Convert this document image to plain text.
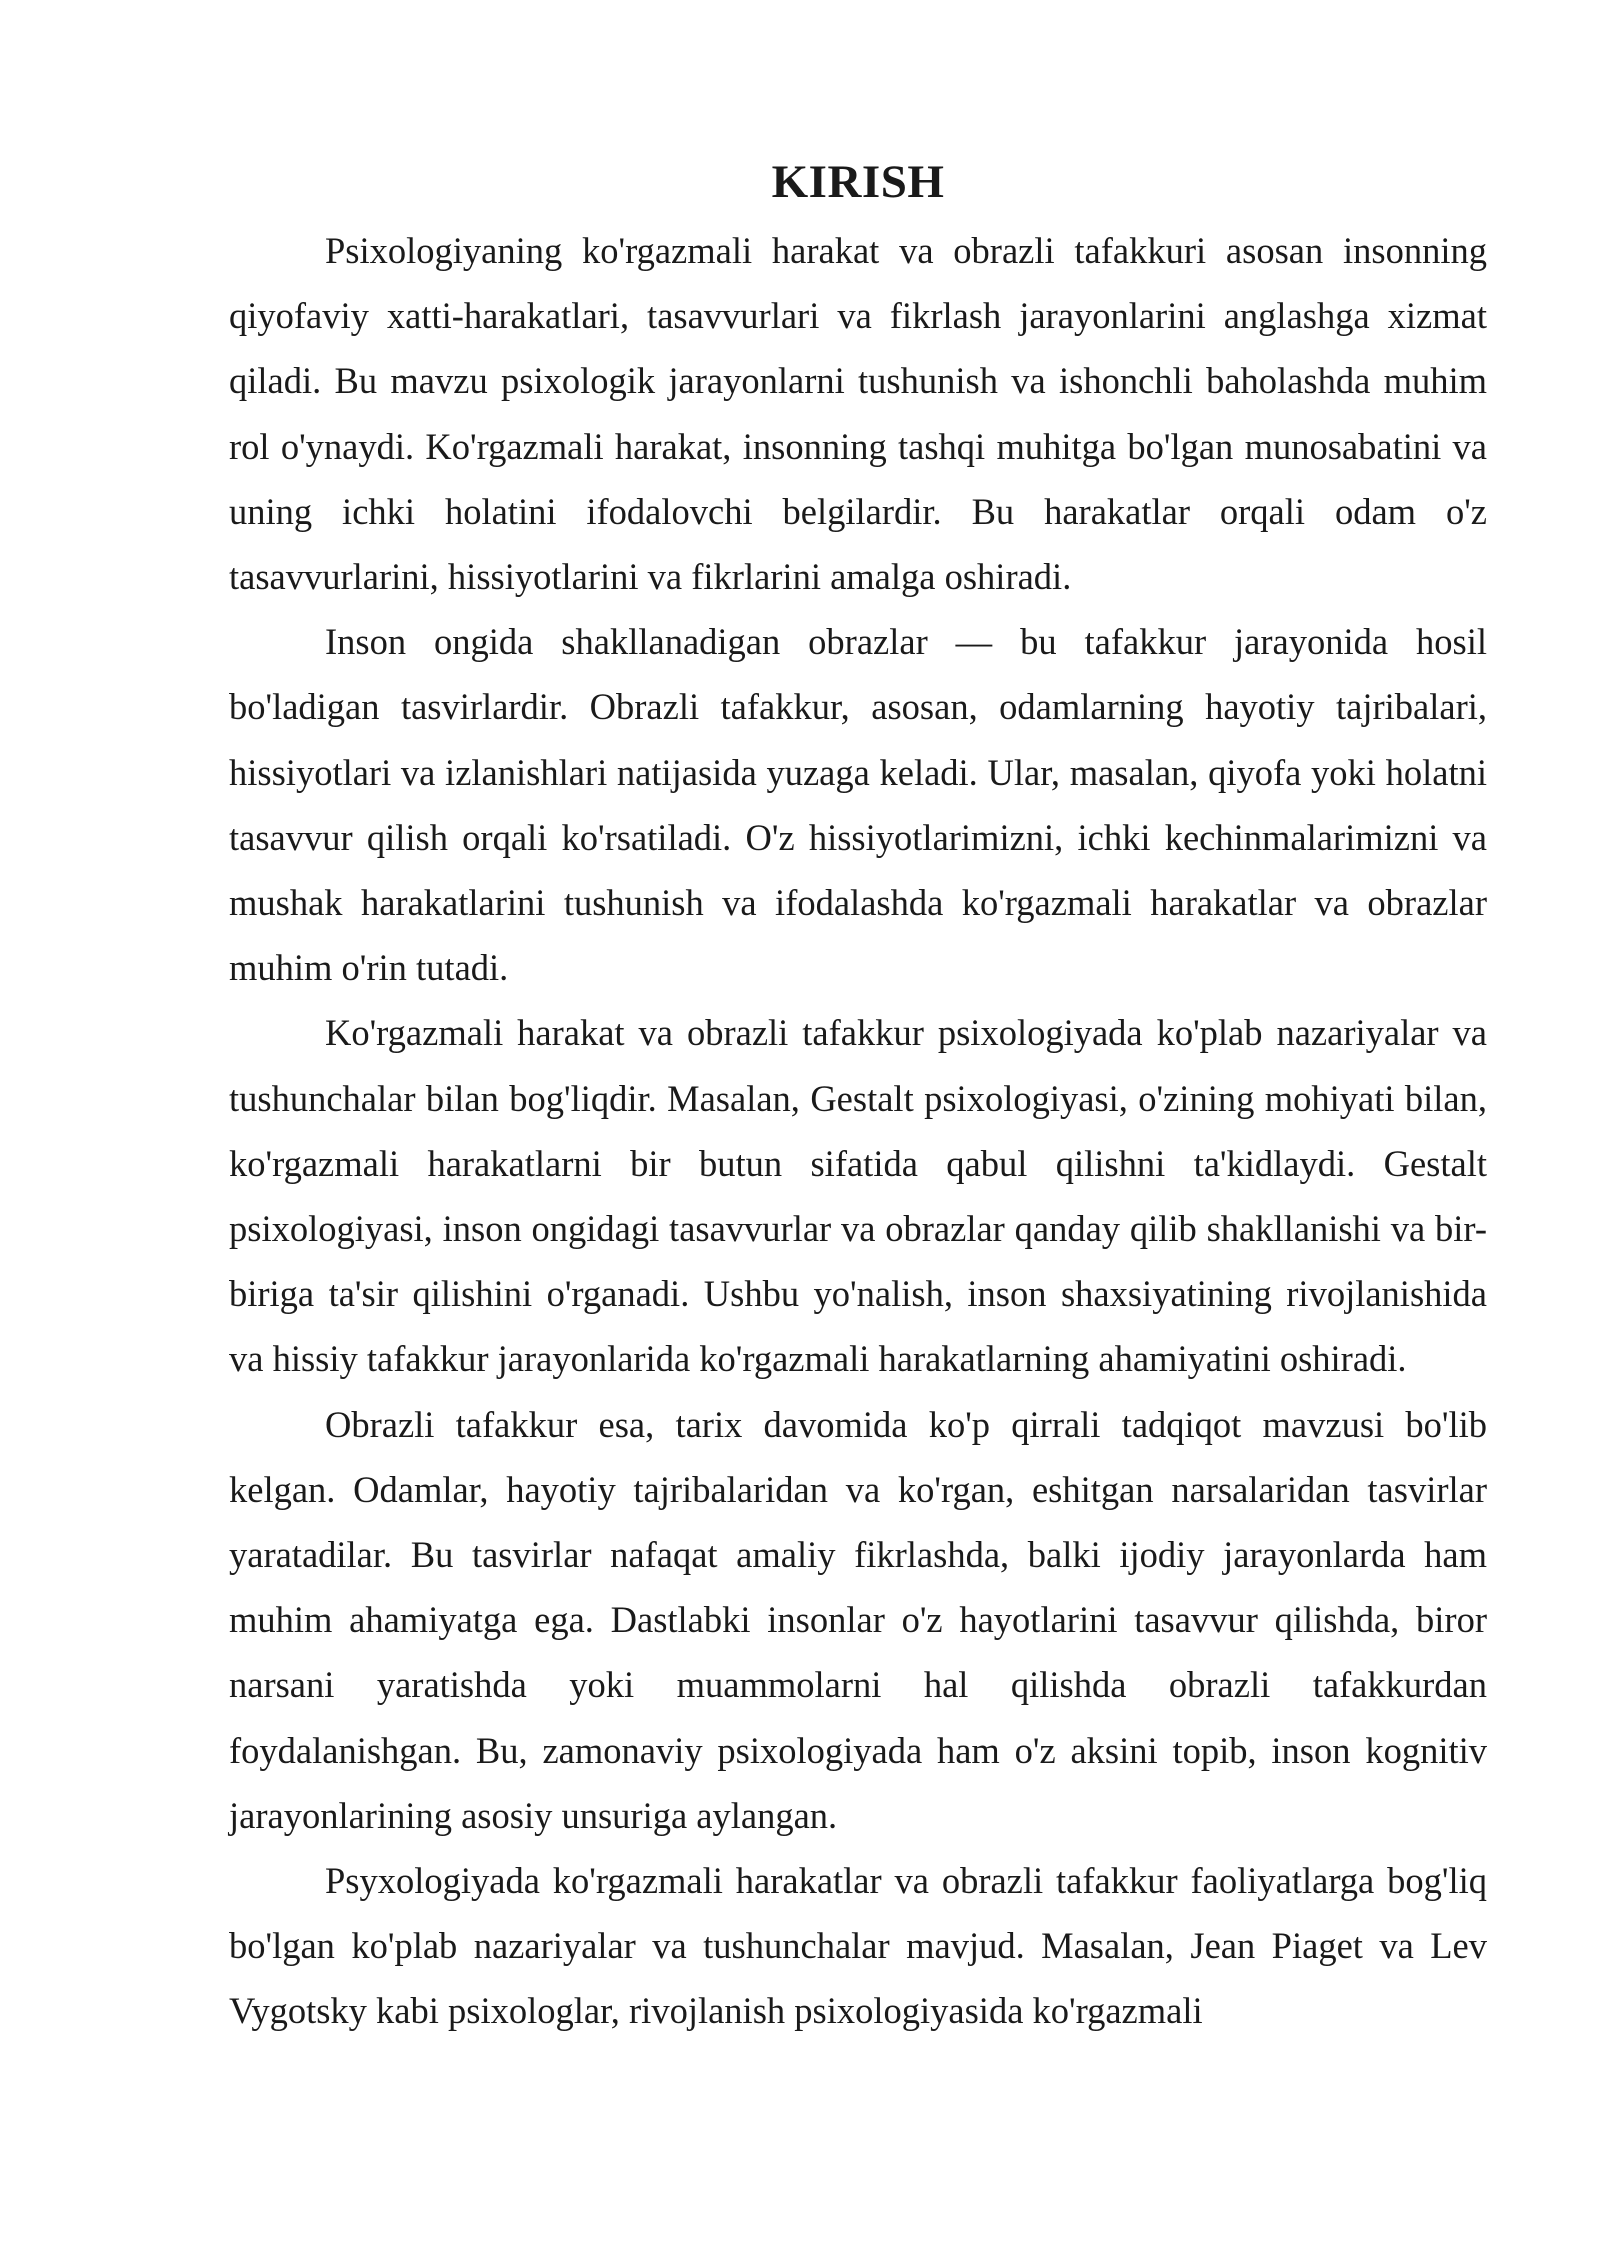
KIRISH

Psixologiyaning ko'rgazmali harakat va obrazli tafakkuri asosan insonning qiyofaviy xatti-harakatlari, tasavvurlari va fikrlash jarayonlarini anglashga xizmat qiladi. Bu mavzu psixologik jarayonlarni tushunish va ishonchli baholashda muhim rol o'ynaydi. Ko'rgazmali harakat, insonning tashqi muhitga bo'lgan munosabatini va uning ichki holatini ifodalovchi belgilardir. Bu harakatlar orqali odam o'z tasavvurlarini, hissiyotlarini va fikrlarini amalga oshiradi.

Inson ongida shakllanadigan obrazlar — bu tafakkur jarayonida hosil bo'ladigan tasvirlardir. Obrazli tafakkur, asosan, odamlarning hayotiy tajribalari, hissiyotlari va izlanishlari natijasida yuzaga keladi. Ular, masalan, qiyofa yoki holatni tasavvur qilish orqali ko'rsatiladi. O'z hissiyotlarimizni, ichki kechinmalarimizni va mushak harakatlarini tushunish va ifodalashda ko'rgazmali harakatlar va obrazlar muhim o'rin tutadi.

Ko'rgazmali harakat va obrazli tafakkur psixologiyada ko'plab nazariyalar va tushunchalar bilan bog'liqdir. Masalan, Gestalt psixologiyasi, o'zining mohiyati bilan, ko'rgazmali harakatlarni bir butun sifatida qabul qilishni ta'kidlaydi. Gestalt psixologiyasi, inson ongidagi tasavvurlar va obrazlar qanday qilib shakllanishi va bir-biriga ta'sir qilishini o'rganadi. Ushbu yo'nalish, inson shaxsiyatining rivojlanishida va hissiy tafakkur jarayonlarida ko'rgazmali harakatlarning ahamiyatini oshiradi.

Obrazli tafakkur esa, tarix davomida ko'p qirrali tadqiqot mavzusi bo'lib kelgan. Odamlar, hayotiy tajribalaridan va ko'rgan, eshitgan narsalaridan tasvirlar yaratadilar. Bu tasvirlar nafaqat amaliy fikrlashda, balki ijodiy jarayonlarda ham muhim ahamiyatga ega. Dastlabki insonlar o'z hayotlarini tasavvur qilishda, biror narsani yaratishda yoki muammolarni hal qilishda obrazli tafakkurdan foydalanishgan. Bu, zamonaviy psixologiyada ham o'z aksini topib, inson kognitiv jarayonlarining asosiy unsuriga aylangan.

Psyxologiyada ko'rgazmali harakatlar va obrazli tafakkur faoliyatlarga bog'liq bo'lgan ko'plab nazariyalar va tushunchalar mavjud. Masalan, Jean Piaget va Lev Vygotsky kabi psixologlar, rivojlanish psixologiyasida ko'rgazmali
